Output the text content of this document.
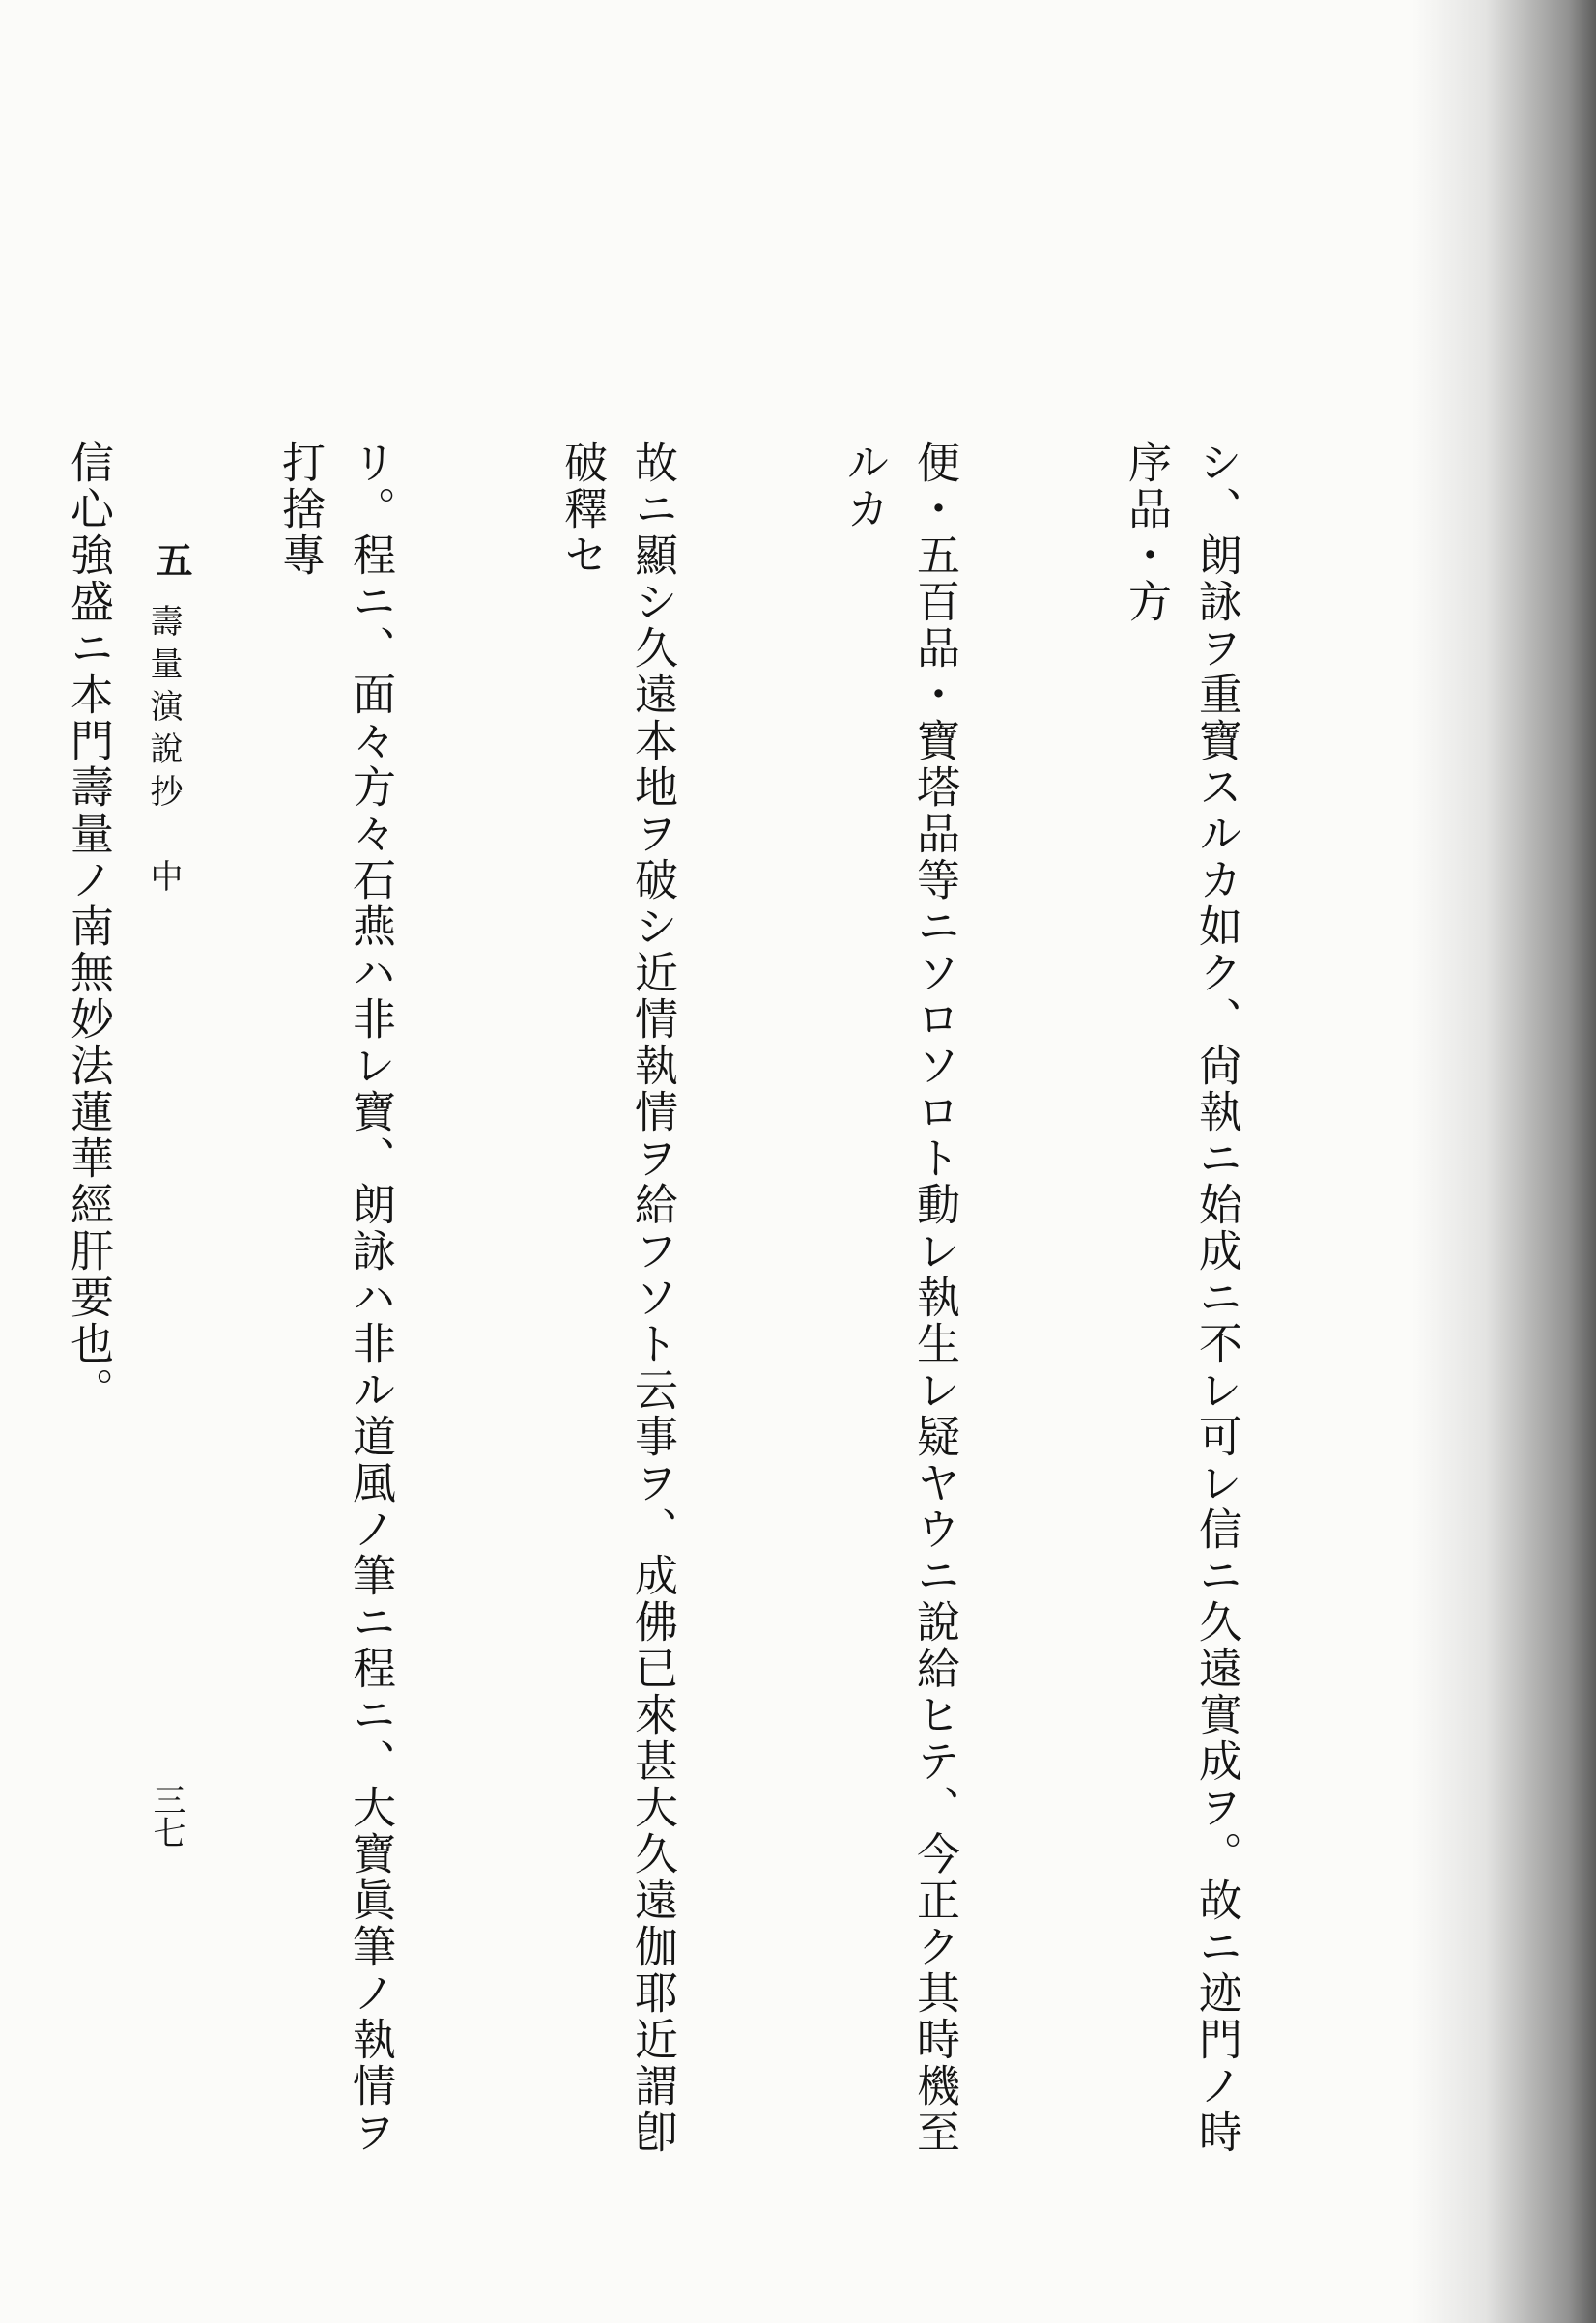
シ、朗詠ヲ重寶スルカ如ク、尙執ニ始成ニ不レ可レ信ニ久遠實成ヲ。故ニ迹門ノ時序品・方

便・五百品・寶塔品等ニソロソロト動レ執生レ疑ヤウニ說給ヒテ、今正ク其時機至ルカ

故ニ顯シ久遠本地ヲ破シ近情執情ヲ給フソト云事ヲ、成佛已來甚大久遠伽耶近謂卽破釋セ

リ。程ニ、面々方々石燕ハ非レ寶、朗詠ハ非ル道風ノ筆ニ程ニ、大寶眞筆ノ執情ヲ打捨專

信心強盛ニ本門壽量ノ南無妙法蓮華經肝要也。

五
壽量演說抄　中
三七
